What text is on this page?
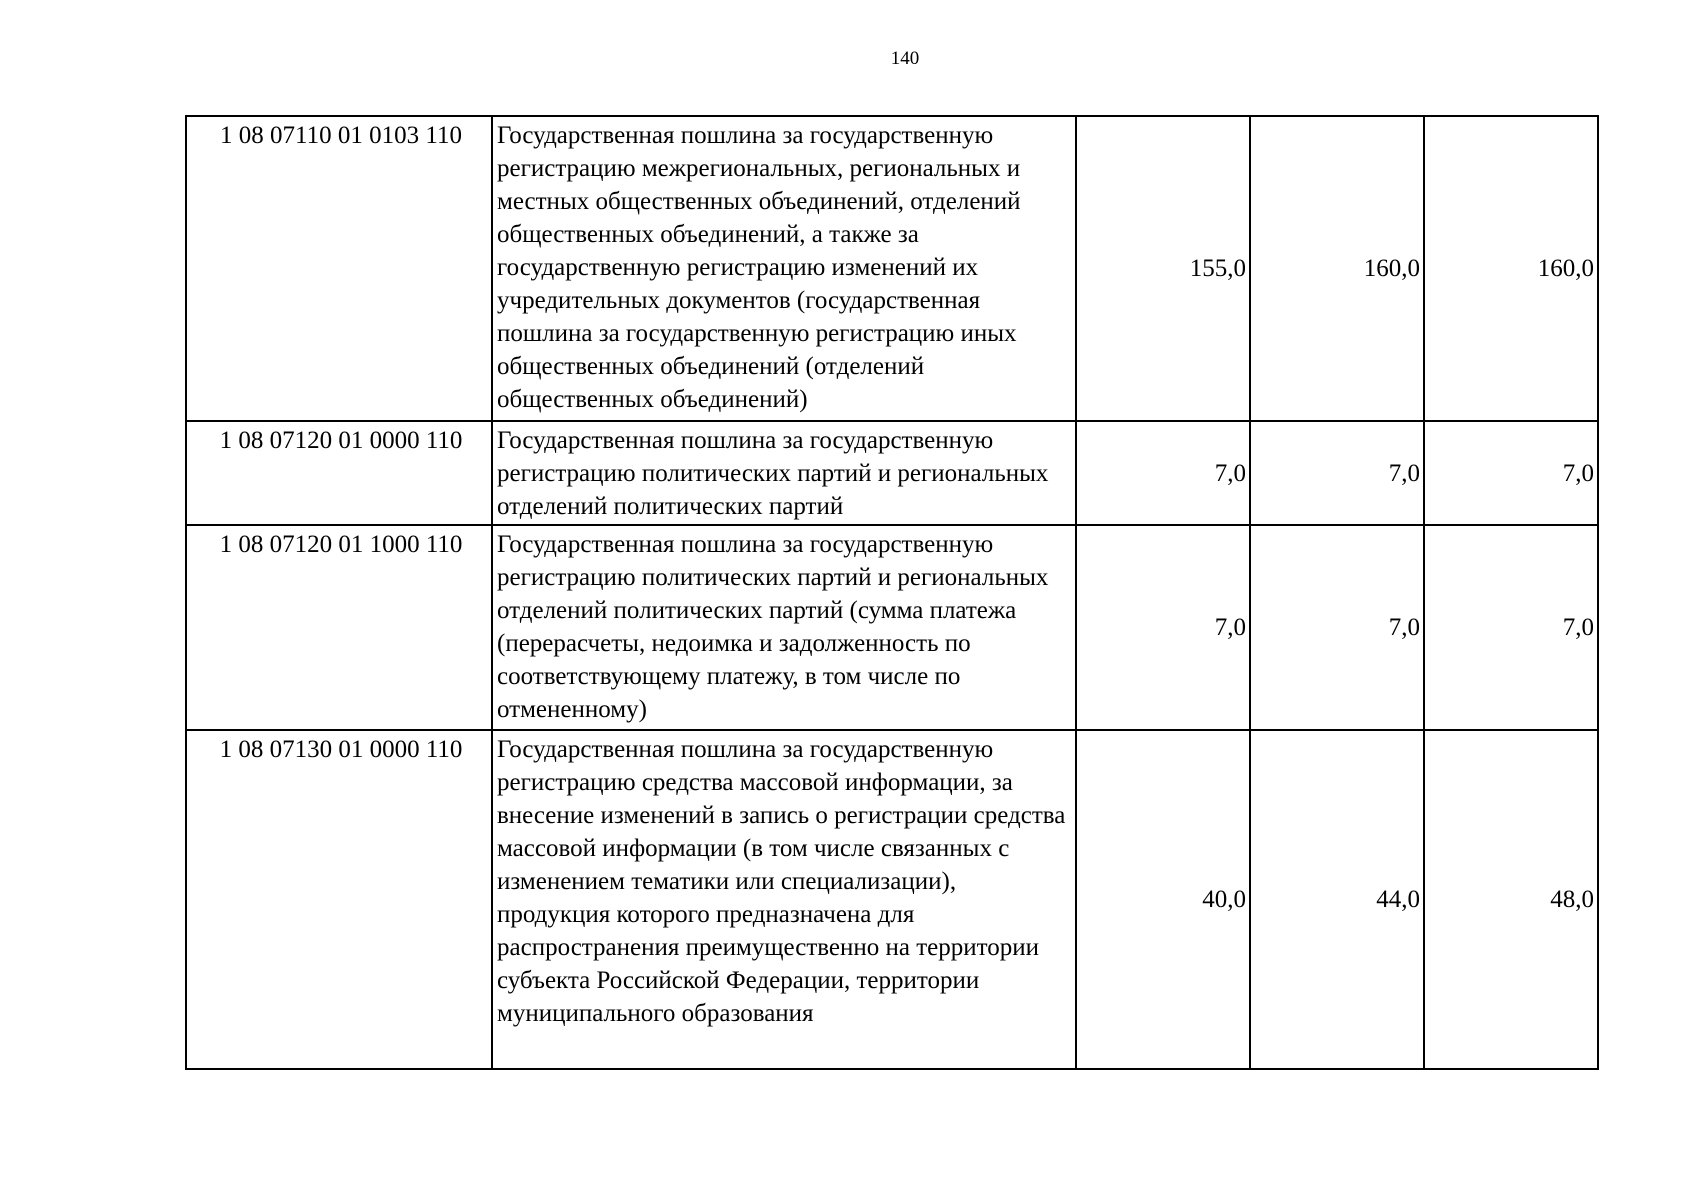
140
1 08 07110 01 0103 110	Государственная пошлина за государственную регистрацию межрегиональных, региональных и местных общественных объединений, отделений общественных объединений, а также за государственную регистрацию изменений их учредительных документов (государственная пошлина за государственную регистрацию иных общественных объединений (отделений общественных объединений)	155,0	160,0	160,0
1 08 07120 01 0000 110	Государственная пошлина за государственную регистрацию политических партий и региональных отделений политических партий	7,0	7,0	7,0
1 08 07120 01 1000 110	Государственная пошлина за государственную регистрацию политических партий и региональных отделений политических партий (сумма платежа (перерасчеты, недоимка и задолженность по соответствующему платежу, в том числе по отмененному)	7,0	7,0	7,0
1 08 07130 01 0000 110	Государственная пошлина за государственную регистрацию средства массовой информации, за внесение изменений в запись о регистрации средства массовой информации (в том числе связанных с изменением тематики или специализации), продукция которого предназначена для распространения преимущественно на территории субъекта Российской Федерации, территории муниципального образования	40,0	44,0	48,0
